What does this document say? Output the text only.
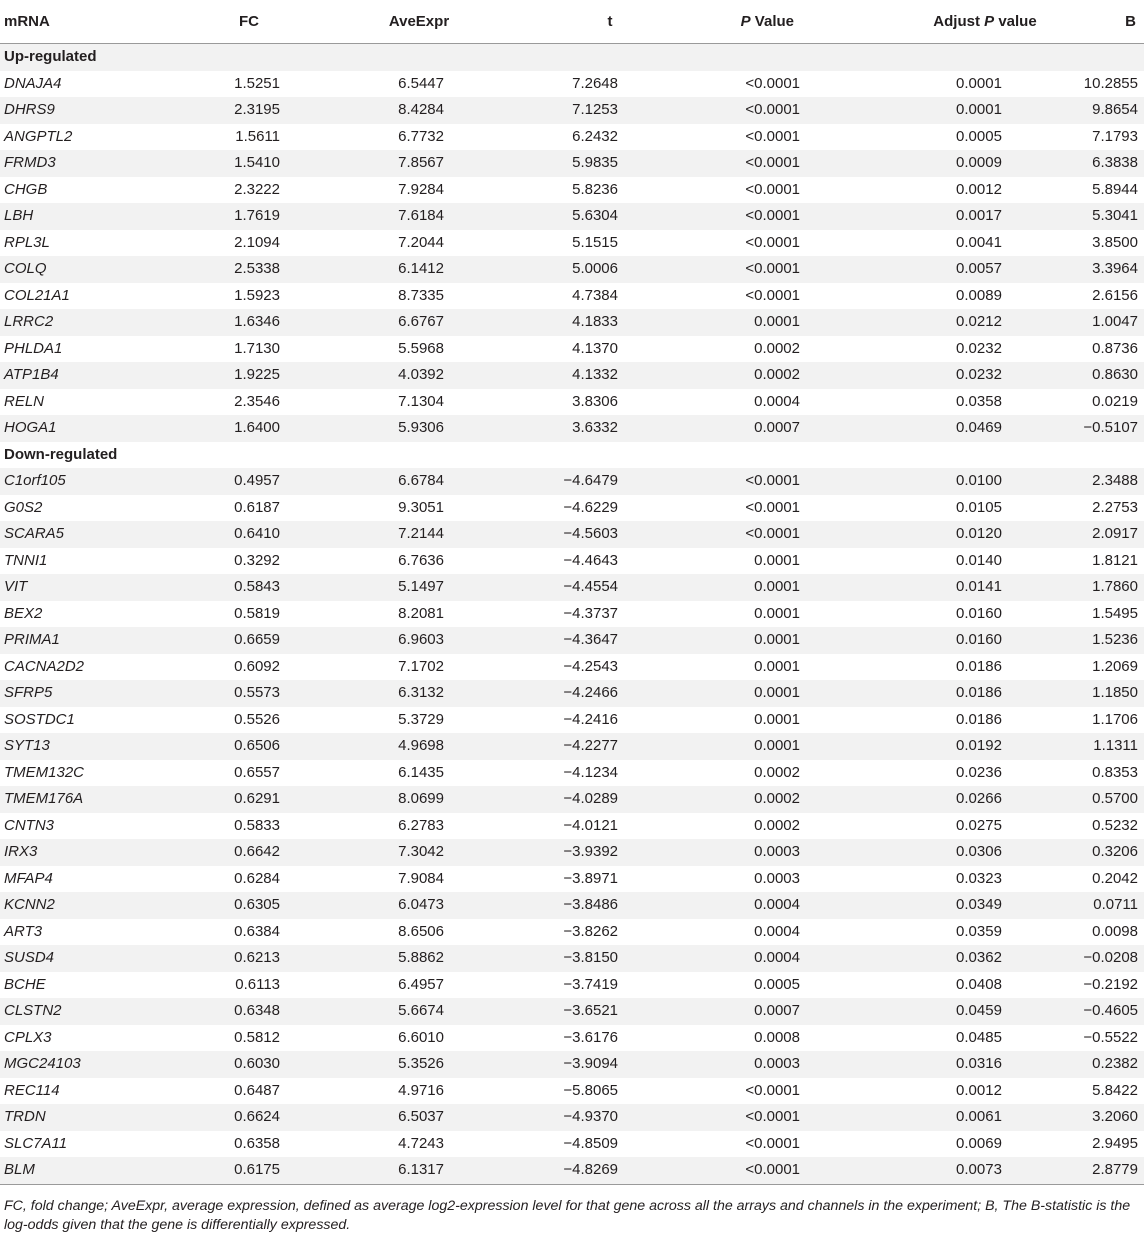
mRNA	FC	AveExpr	t	P Value	Adjust P value	B
Up-regulated						
DNAJA4	1.5251	6.5447	7.2648	<0.0001	0.0001	10.2855
DHRS9	2.3195	8.4284	7.1253	<0.0001	0.0001	9.8654
ANGPTL2	1.5611	6.7732	6.2432	<0.0001	0.0005	7.1793
FRMD3	1.5410	7.8567	5.9835	<0.0001	0.0009	6.3838
CHGB	2.3222	7.9284	5.8236	<0.0001	0.0012	5.8944
LBH	1.7619	7.6184	5.6304	<0.0001	0.0017	5.3041
RPL3L	2.1094	7.2044	5.1515	<0.0001	0.0041	3.8500
COLQ	2.5338	6.1412	5.0006	<0.0001	0.0057	3.3964
COL21A1	1.5923	8.7335	4.7384	<0.0001	0.0089	2.6156
LRRC2	1.6346	6.6767	4.1833	0.0001	0.0212	1.0047
PHLDA1	1.7130	5.5968	4.1370	0.0002	0.0232	0.8736
ATP1B4	1.9225	4.0392	4.1332	0.0002	0.0232	0.8630
RELN	2.3546	7.1304	3.8306	0.0004	0.0358	0.0219
HOGA1	1.6400	5.9306	3.6332	0.0007	0.0469	−0.5107
Down-regulated						
C1orf105	0.4957	6.6784	−4.6479	<0.0001	0.0100	2.3488
G0S2	0.6187	9.3051	−4.6229	<0.0001	0.0105	2.2753
SCARA5	0.6410	7.2144	−4.5603	<0.0001	0.0120	2.0917
TNNI1	0.3292	6.7636	−4.4643	0.0001	0.0140	1.8121
VIT	0.5843	5.1497	−4.4554	0.0001	0.0141	1.7860
BEX2	0.5819	8.2081	−4.3737	0.0001	0.0160	1.5495
PRIMA1	0.6659	6.9603	−4.3647	0.0001	0.0160	1.5236
CACNA2D2	0.6092	7.1702	−4.2543	0.0001	0.0186	1.2069
SFRP5	0.5573	6.3132	−4.2466	0.0001	0.0186	1.1850
SOSTDC1	0.5526	5.3729	−4.2416	0.0001	0.0186	1.1706
SYT13	0.6506	4.9698	−4.2277	0.0001	0.0192	1.1311
TMEM132C	0.6557	6.1435	−4.1234	0.0002	0.0236	0.8353
TMEM176A	0.6291	8.0699	−4.0289	0.0002	0.0266	0.5700
CNTN3	0.5833	6.2783	−4.0121	0.0002	0.0275	0.5232
IRX3	0.6642	7.3042	−3.9392	0.0003	0.0306	0.3206
MFAP4	0.6284	7.9084	−3.8971	0.0003	0.0323	0.2042
KCNN2	0.6305	6.0473	−3.8486	0.0004	0.0349	0.0711
ART3	0.6384	8.6506	−3.8262	0.0004	0.0359	0.0098
SUSD4	0.6213	5.8862	−3.8150	0.0004	0.0362	−0.0208
BCHE	0.6113	6.4957	−3.7419	0.0005	0.0408	−0.2192
CLSTN2	0.6348	5.6674	−3.6521	0.0007	0.0459	−0.4605
CPLX3	0.5812	6.6010	−3.6176	0.0008	0.0485	−0.5522
MGC24103	0.6030	5.3526	−3.9094	0.0003	0.0316	0.2382
REC114	0.6487	4.9716	−5.8065	<0.0001	0.0012	5.8422
TRDN	0.6624	6.5037	−4.9370	<0.0001	0.0061	3.2060
SLC7A11	0.6358	4.7243	−4.8509	<0.0001	0.0069	2.9495
BLM	0.6175	6.1317	−4.8269	<0.0001	0.0073	2.8779
FC, fold change; AveExpr, average expression, defined as average log2-expression level for that gene across all the arrays and channels in the experiment; B, The B-statistic is the log-odds given that the gene is differentially expressed.
